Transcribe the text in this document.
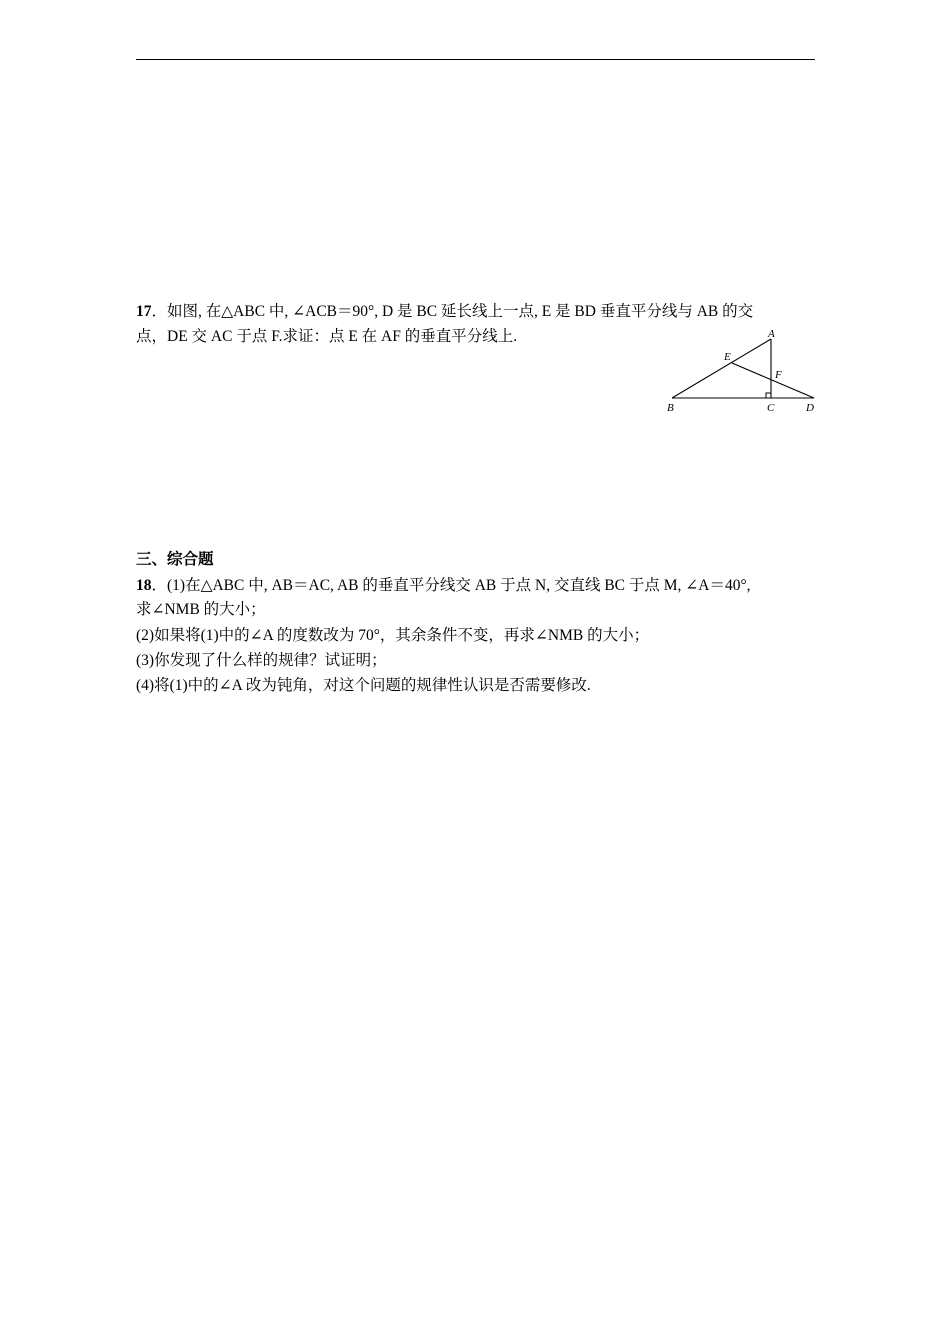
17．如图, 在△ABC 中, ∠ACB＝90°, D 是 BC 延长线上一点, E 是 BD 垂直平分线与 AB 的交
点，DE 交 AC 于点 F.求证：点 E 在 AF 的垂直平分线上.	A
E
F
B	C	D
三、综合题
18．(1)在△ABC 中, AB＝AC, AB 的垂直平分线交 AB 于点 N, 交直线 BC 于点 M, ∠A＝40°,
求∠NMB 的大小；
(2)如果将(1)中的∠A 的度数改为 70°，其余条件不变，再求∠NMB 的大小；
(3)你发现了什么样的规律？试证明；
(4)将(1)中的∠A 改为钝角，对这个问题的规律性认识是否需要修改.
